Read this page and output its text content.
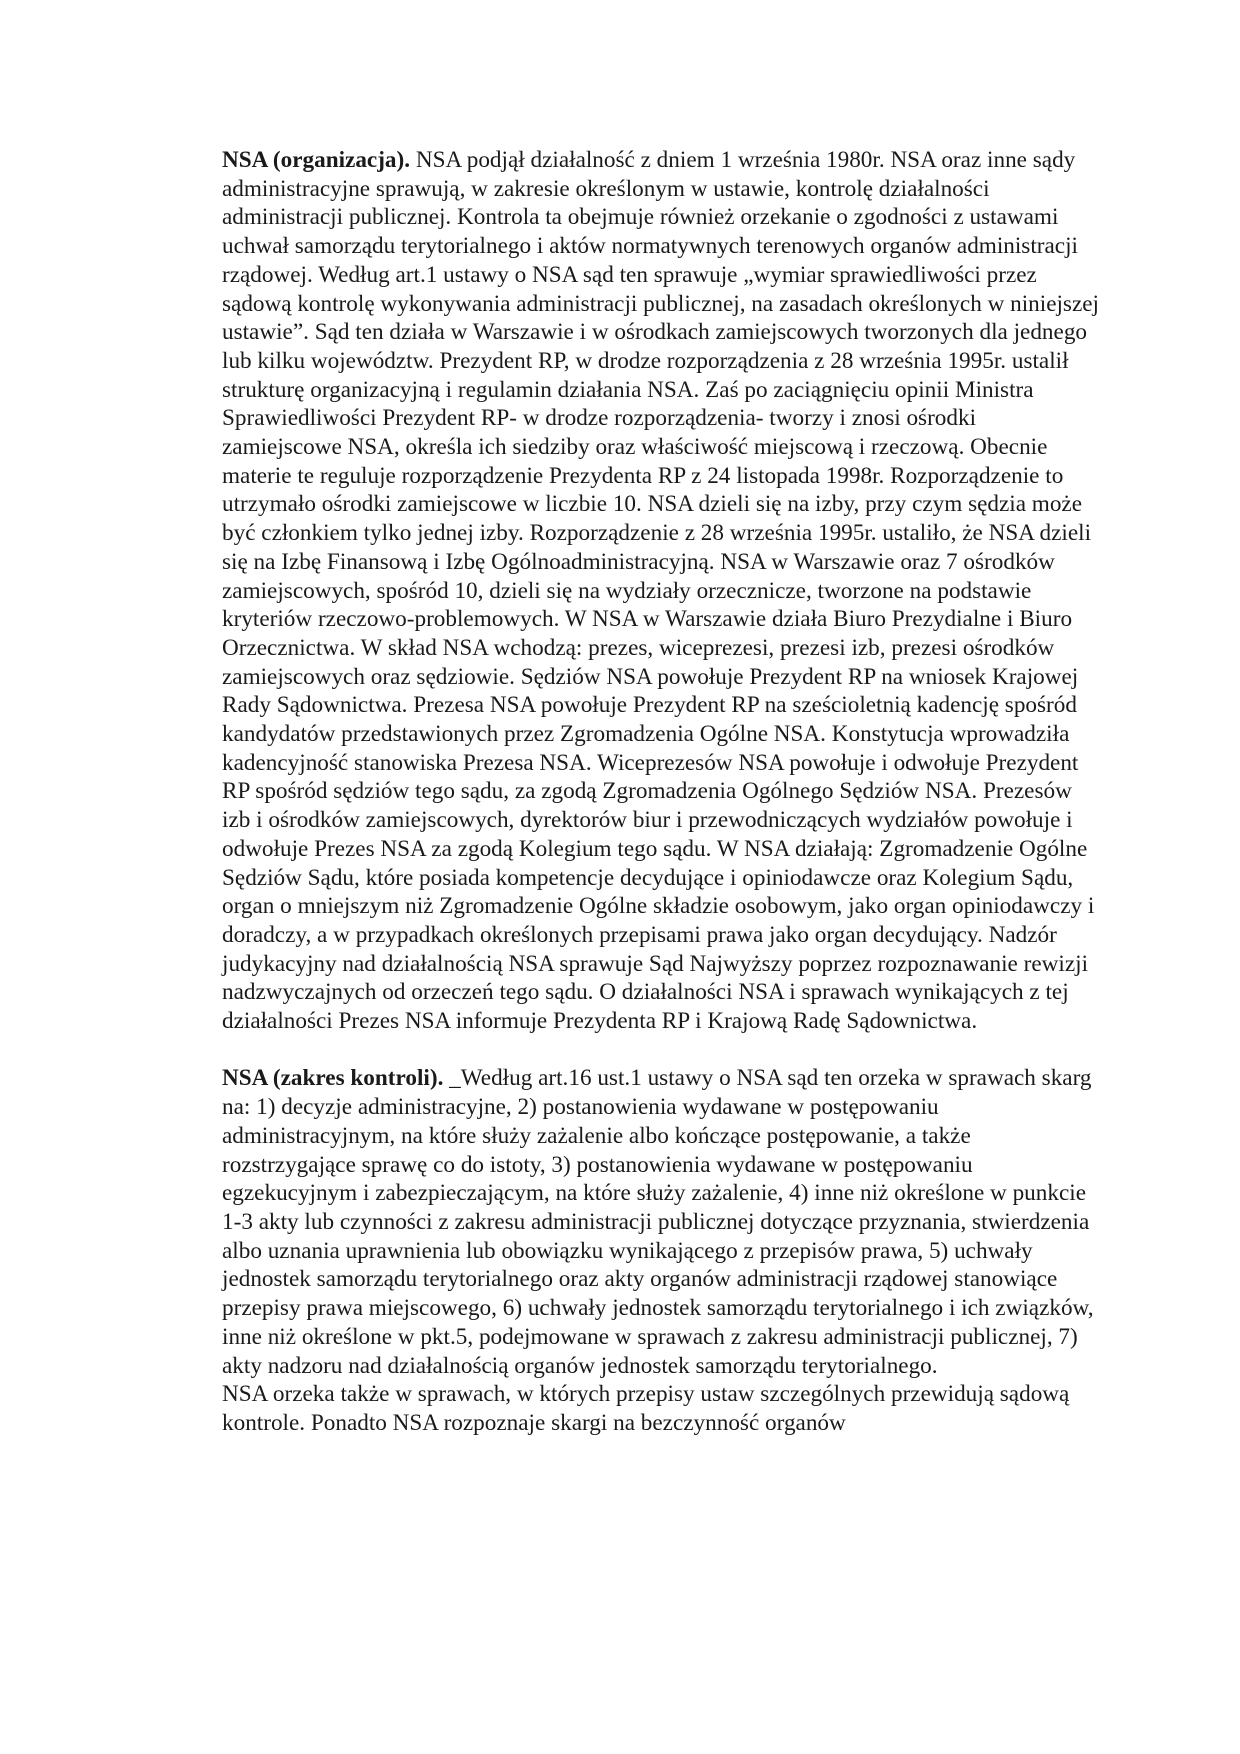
NSA (organizacja). NSA podjął działalność z dniem 1 września 1980r. NSA oraz inne sądy administracyjne sprawują, w zakresie określonym w ustawie, kontrolę działalności administracji publicznej. Kontrola ta obejmuje również orzekanie o zgodności z ustawami uchwał samorządu terytorialnego i aktów normatywnych terenowych organów administracji rządowej. Według art.1 ustawy o NSA sąd ten sprawuje „wymiar sprawiedliwości przez sądową kontrolę wykonywania administracji publicznej, na zasadach określonych w niniejszej ustawie”. Sąd ten działa w Warszawie i w ośrodkach zamiejscowych tworzonych dla jednego lub kilku województw. Prezydent RP, w drodze rozporządzenia z 28 września 1995r. ustalił strukturę organizacyjną i regulamin działania NSA. Zaś po zaciągnięciu opinii Ministra Sprawiedliwości Prezydent RP- w drodze rozporządzenia- tworzy i znosi ośrodki zamiejscowe NSA, określa ich siedziby oraz właściwość miejscową i rzeczową. Obecnie materie te reguluje rozporządzenie Prezydenta RP z 24 listopada 1998r. Rozporządzenie to utrzymało ośrodki zamiejscowe w liczbie 10. NSA dzieli się na izby, przy czym sędzia może być członkiem tylko jednej izby. Rozporządzenie z 28 września 1995r. ustaliło, że NSA dzieli się na Izbę Finansową i Izbę Ogólnoadministracyjną. NSA w Warszawie oraz 7 ośrodków zamiejscowych, spośród 10, dzieli się na wydziały orzecznicze, tworzone na podstawie kryteriów rzeczowo-problemowych. W NSA w Warszawie działa Biuro Prezydialne i Biuro Orzecznictwa. W skład NSA wchodzą: prezes, wiceprezesi, prezesi izb, prezesi ośrodków zamiejscowych oraz sędziowie. Sędziów NSA powołuje Prezydent RP na wniosek Krajowej Rady Sądownictwa. Prezesa NSA powołuje Prezydent RP na sześcioletnią kadencję spośród kandydatów przedstawionych przez Zgromadzenia Ogólne NSA. Konstytucja wprowadziła kadencyjność stanowiska Prezesa NSA. Wiceprezesów NSA powołuje i odwołuje Prezydent RP spośród sędziów tego sądu, za zgodą Zgromadzenia Ogólnego Sędziów NSA. Prezesów izb i ośrodków zamiejscowych, dyrektorów biur i przewodniczących wydziałów powołuje i odwołuje Prezes NSA za zgodą Kolegium tego sądu. W NSA działają: Zgromadzenie Ogólne Sędziów Sądu, które posiada kompetencje decydujące i opiniodawcze oraz Kolegium Sądu, organ o mniejszym niż Zgromadzenie Ogólne składzie osobowym, jako organ opiniodawczy i doradczy, a w przypadkach określonych przepisami prawa jako organ decydujący. Nadzór judykacyjny nad działalnością NSA sprawuje Sąd Najwyższy poprzez rozpoznawanie rewizji nadzwyczajnych od orzeczeń tego sądu. O działalności NSA i sprawach wynikających z tej działalności Prezes NSA informuje Prezydenta RP i Krajową Radę Sądownictwa.

NSA (zakres kontroli). _Według art.16 ust.1 ustawy o NSA sąd ten orzeka w sprawach skarg na: 1) decyzje administracyjne, 2) postanowienia wydawane w postępowaniu administracyjnym, na które służy zażalenie albo kończące postępowanie, a także rozstrzygające sprawę co do istoty, 3) postanowienia wydawane w postępowaniu egzekucyjnym i zabezpieczającym, na które służy zażalenie, 4) inne niż określone w punkcie 1-3 akty lub czynności z zakresu administracji publicznej dotyczące przyznania, stwierdzenia albo uznania uprawnienia lub obowiązku wynikającego z przepisów prawa, 5) uchwały jednostek samorządu terytorialnego oraz akty organów administracji rządowej stanowiące przepisy prawa miejscowego, 6) uchwały jednostek samorządu terytorialnego i ich związków, inne niż określone w pkt.5, podejmowane w sprawach z zakresu administracji publicznej, 7) akty nadzoru nad działalnością organów jednostek samorządu terytorialnego.

NSA orzeka także w sprawach, w których przepisy ustaw szczególnych przewidują sądową kontrole. Ponadto NSA rozpoznaje skargi na bezczynność organów
